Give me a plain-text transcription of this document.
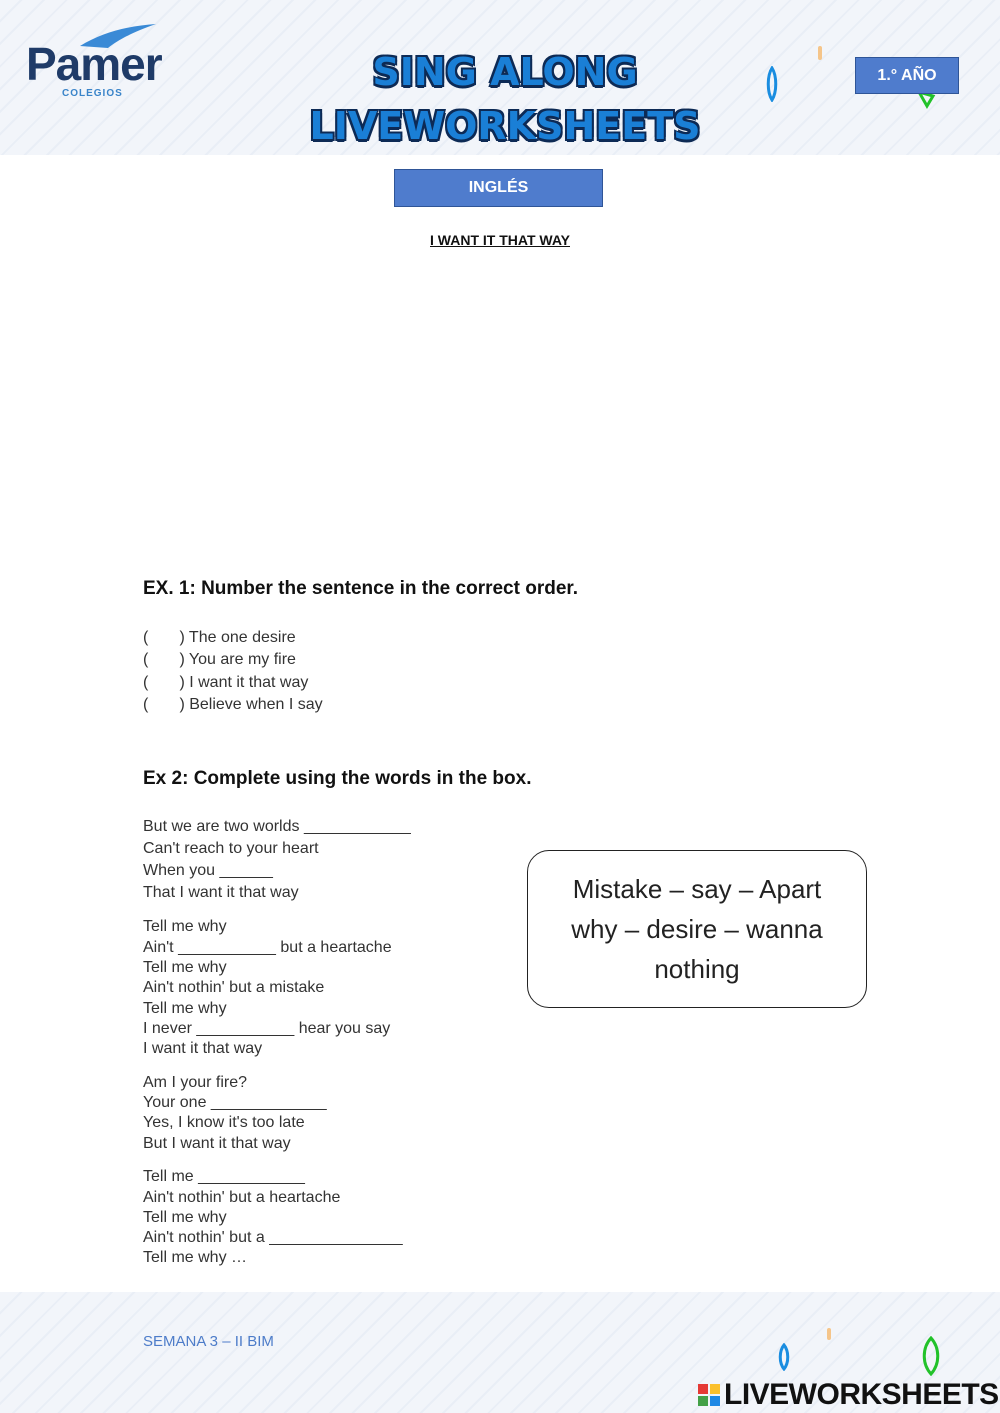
Pamer
COLEGIOS	SING ALONG
LIVEWORKSHEETS
1.° AÑO
INGLÉS
I WANT IT THAT WAY
EX. 1: Number the sentence in the correct order.
(       ) The one desire
(       ) You are my fire
(       ) I want it that way
(       ) Believe when I say
Ex 2: Complete using the words in the box.
But we are two worlds ____________
Can't reach to your heart
When you ______
That I want it that way
Tell me why
Ain't ___________ but a heartache
Tell me why
Ain't nothin' but a mistake
Tell me why
I never ___________ hear you say
I want it that way
Am I your fire?
Your one _____________
Yes, I know it's too late
But I want it that way
Tell me ____________
Ain't nothin' but a heartache
Tell me why
Ain't nothin' but a _______________
Tell me why …
Mistake – say – Apart
why – desire – wanna
nothing
SEMANA 3 – II BIM
LIVEWORKSHEETS
